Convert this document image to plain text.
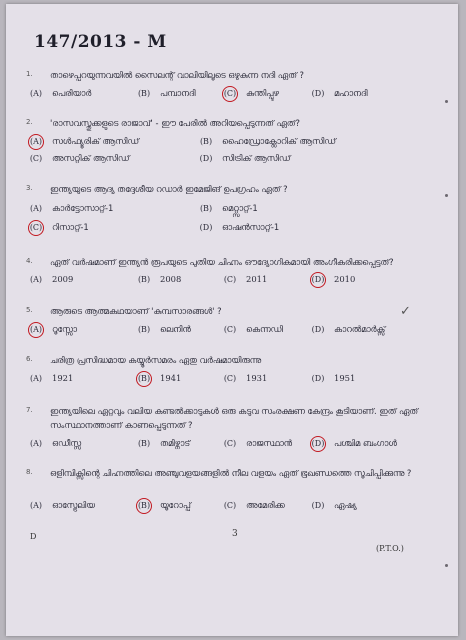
147/2013 - M
1. താഴെപ്പറയുന്നവയിൽ സൈലന്റ് വാലിയിലൂടെ ഒഴുകുന്ന നദി ഏത് ?
(A) പെരിയാർ	(B) പമ്പാനദി	(C) കുന്തിപ്പുഴ	(D) മഹാനദി
2. 'രാസവസ്തുക്കളുടെ രാജാവ്' - ഈ പേരിൽ അറിയപ്പെടുന്നത് ഏത്?
(A) സൾഫ്യൂരിക് ആസിഡ്	(B) ഹൈഡ്രോക്ലോറിക് ആസിഡ്
(C) അസറ്റിക് ആസിഡ്	(D) സിട്രിക് ആസിഡ്
3. ഇന്ത്യയുടെ ആദ്യ തദ്ദേശീയ റഡാർ ഇമേജിങ് ഉപഗ്രഹം ഏത് ?
(A) കാർട്ടോസാറ്റ്-1	(B) മെറ്റ്സാറ്റ്-1
(C) റിസാറ്റ്-1	(D) ഓഷൻസാറ്റ്-1
4. ഏത് വർഷമാണ് ഇന്ത്യൻ രൂപയുടെ പുതിയ ചിഹ്നം ഔദ്യോഗികമായി അംഗീകരിക്കപ്പെട്ടത്?
(A) 2009	(B) 2008	(C) 2011	(D) 2010
5. ആരുടെ ആത്മകഥയാണ് 'കുമ്പസാരങ്ങൾ' ?
(A) റൂസ്സോ	(B) ലെനിൻ	(C) കെന്നഡി	(D) കാറൽമാർക്സ്
✓
6. ചരിത്ര പ്രസിദ്ധമായ കയ്യൂർസമരം ഏതു വർഷമായിരുന്നു
(A) 1921	(B) 1941	(C) 1931	(D) 1951
7. ഇന്ത്യയിലെ ഏറ്റവും വലിയ കണ്ടൽക്കാടുകൾ ഒരു കടുവ സംരക്ഷണ കേന്ദ്രം കൂടിയാണ്. ഇത് ഏത് സംസ്ഥാനത്താണ് കാണപ്പെടുന്നത് ?
(A) ഒഡീസ്സ	(B) തമിഴ്നാട്	(C) രാജസ്ഥാൻ (D) പശ്ചിമ ബംഗാൾ
8. ഒളിമ്പിക്സിന്റെ ചിഹ്നത്തിലെ അഞ്ചുവളയങ്ങളിൽ നീല വളയം ഏത് ഭൂഖണ്ഡത്തെ സൂചിപ്പിക്കുന്നു ?
(A) ഓസ്ട്രേലിയ	(B) യൂറോപ്പ്	(C) അമേരിക്ക	(D) ഏഷ്യ
D	3
(P.T.O.)
